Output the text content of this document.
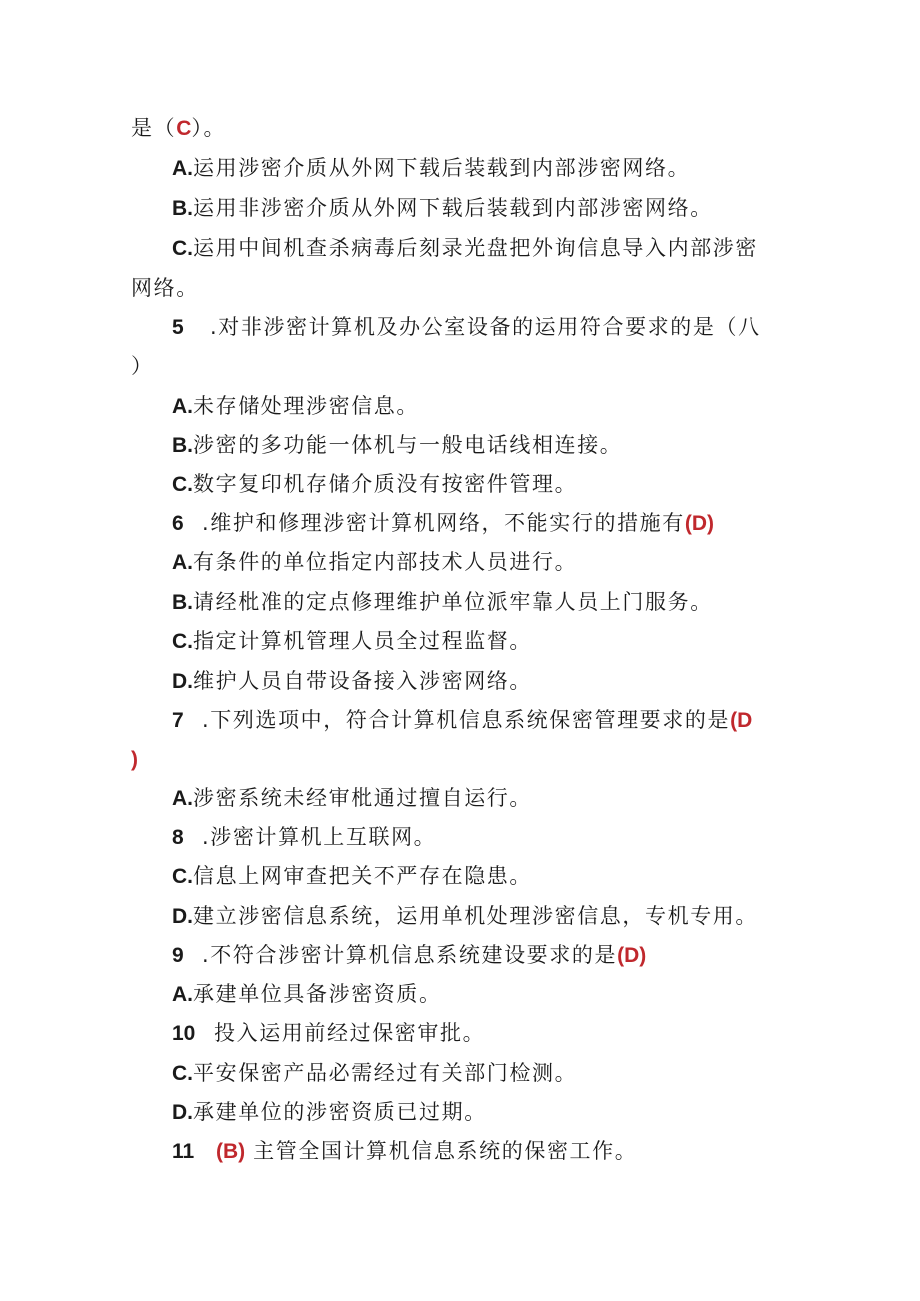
是（C）。
A.运用涉密介质从外网下载后装载到内部涉密网络。
B.运用非涉密介质从外网下载后装载到内部涉密网络。
C.运用中间机查杀病毒后刻录光盘把外询信息导入内部涉密
网络。
5 .对非涉密计算机及办公室设备的运用符合要求的是（八
）
A.未存储处理涉密信息。
B.涉密的多功能一体机与一般电话线相连接。
C.数字复印机存储介质没有按密件管理。
6 .维护和修理涉密计算机网络，不能实行的措施有(D)
A.有条件的单位指定内部技术人员进行。
B.请经枇准的定点修理维护单位派牢靠人员上门服务。
C.指定计算机管理人员全过程监督。
D.维护人员自带设备接入涉密网络。
7 .下列选项中，符合计算机信息系统保密管理要求的是(D
)
A.涉密系统未经审枇通过擅自运行。
8 .涉密计算机上互联网。
C.信息上网审查把关不严存在隐患。
D.建立涉密信息系统，运用单机处理涉密信息，专机专用。
9 .不符合涉密计算机信息系统建设要求的是(D)
A.承建单位具备涉密资质。
10 投入运用前经过保密审批。
C.平安保密产品必需经过有关部门检测。
D.承建单位的涉密资质已过期。
11 (B) 主管全国计算机信息系统的保密工作。
